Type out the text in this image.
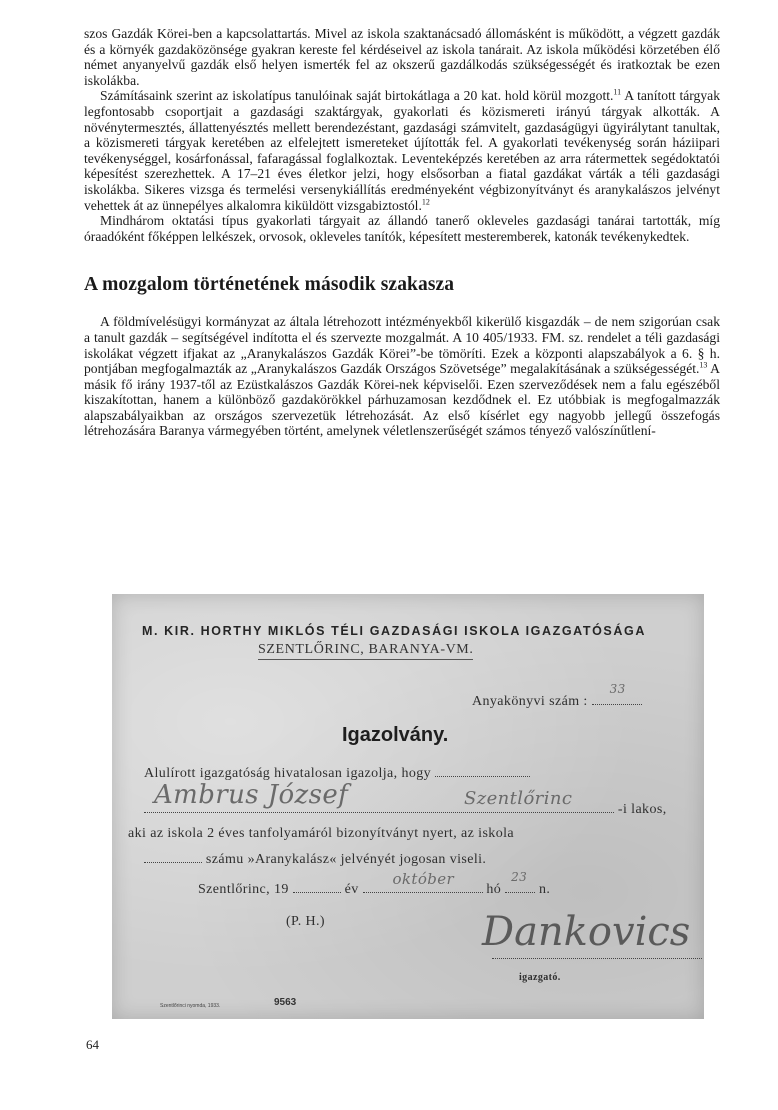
szos Gazdák Körei-ben a kapcsolattartás. Mivel az iskola szaktanácsadó állomásként is működött, a végzett gazdák és a környék gazdaközönsége gyakran kereste fel kérdéseivel az iskola tanárait. Az iskola működési körzetében élő német anyanyelvű gazdák első helyen ismerték fel az okszerű gazdálkodás szükségességét és iratkoztak be ezen iskolákba.

Számításaink szerint az iskolatípus tanulóinak saját birtokátlaga a 20 kat. hold körül mozgott.$^{11}$ A tanított tárgyak legfontosabb csoportjait a gazdasági szaktárgyak, gyakorlati és közismereti irányú tárgyak alkották. A növénytermesztés, állattenyésztés mellett berendezéstant, gazdasági számvitelt, gazdaságügyi ügyirálytant tanultak, a közismereti tárgyak keretében az elfelejtett ismereteket újították fel. A gyakorlati tevékenység során háziipari tevékenységgel, kosárfonással, fafaragással foglalkoztak. Leventeképzés keretében az arra rátermettek segédoktatói képesítést szerezhettek. A 17–21 éves életkor jelzi, hogy elsősorban a fiatal gazdákat várták a téli gazdasági iskolákba. Sikeres vizsga és termelési versenykiállítás eredményeként végbizonyítványt és aranykalászos jelvényt vehettek át az ünnepélyes alkalomra kiküldött vizsgabiztostól.$^{12}$

Mindhárom oktatási típus gyakorlati tárgyait az állandó tanerő okleveles gazdasági tanárai tartották, míg óraadóként főképpen lelkészek, orvosok, okleveles tanítók, képesített mesteremberek, katonák tevékenykedtek.

A mozgalom történetének második szakasza

A földmívelésügyi kormányzat az általa létrehozott intézményekből kikerülő kisgazdák – de nem szigorúan csak a tanult gazdák – segítségével indította el és szervezte mozgalmát. A 10 405/1933. FM. sz. rendelet a téli gazdasági iskolákat végzett ifjakat az „Aranykalászos Gazdák Körei”-be tömöríti. Ezek a központi alapszabályok a 6. § h. pontjában megfogalmazták az „Aranykalászos Gazdák Országos Szövetsége” megalakításának a szükségességét.$^{13}$ A másik fő irány 1937-től az Ezüstkalászos Gazdák Körei-nek képviselői. Ezen szerveződések nem a falu egészéből kiszakítottan, hanem a különböző gazdakörökkel párhuzamosan kezdődnek el. Ez utóbbiak is megfogalmazzák alapszabályaikban az országos szervezetük létrehozását. Az első kísérlet egy nagyobb jellegű összefogás létrehozására Baranya vármegyében történt, amelynek véletlenszerűségét számos tényező valószínűtlení-

M. KIR. HORTHY MIKLÓS TÉLI GAZDASÁGI ISKOLA IGAZGATÓSÁGA
SZENTLŐRINC, BARANYA-VM.
Anyakönyvi szám :
33
Igazolvány.
Alulírott igazgatóság hivatalosan igazolja, hogy
Ambrus József	Szentlőrinc
-i lakos,
aki az iskola 2 éves tanfolyamáról bizonyítványt nyert, az iskola
számu »Aranykalász« jelvényét jogosan viseli.
Szentlőrinc, 19	év
október
hó
23
n.
(P. H.)	Dankovics
igazgató.
Szentlőrinci nyomda, 1933.	9563
64
